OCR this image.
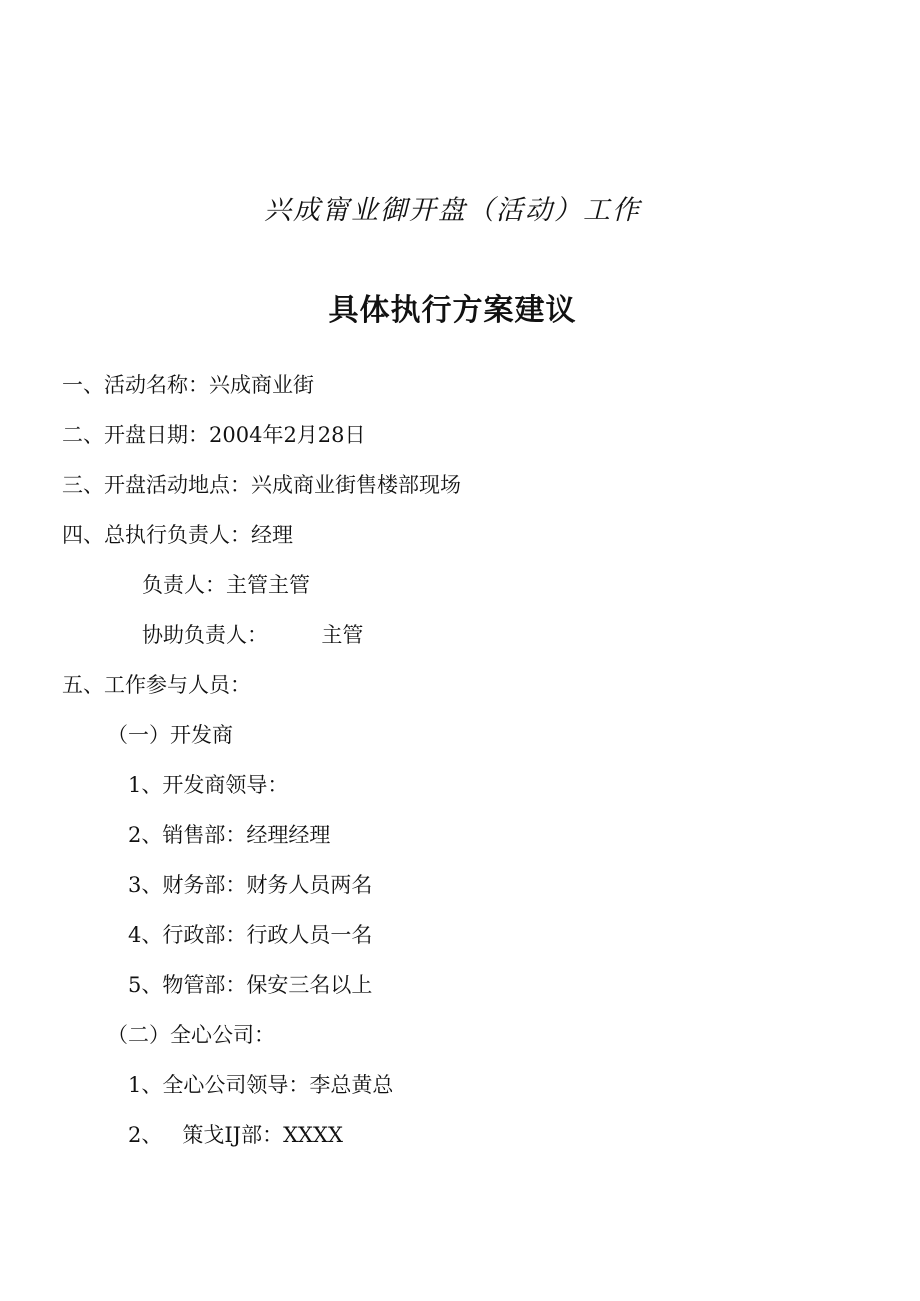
兴成甯业御开盘（活动）工作
具体执行方案建议
一、活动名称：兴成商业街
二、开盘日期：2004年2月28日
三、开盘活动地点：兴成商业街售楼部现场
四、总执行负责人：经理
负责人：主管主管
协助负责人：        主管
五、工作参与人员：
（一）开发商
1、开发商领导：
2、销售部：经理经理
3、财务部：财务人员两名
4、行政部：行政人员一名
5、物管部：保安三名以上
（二）全心公司：
1、全心公司领导：李总黄总
2、   策戈IJ部：XXXX
